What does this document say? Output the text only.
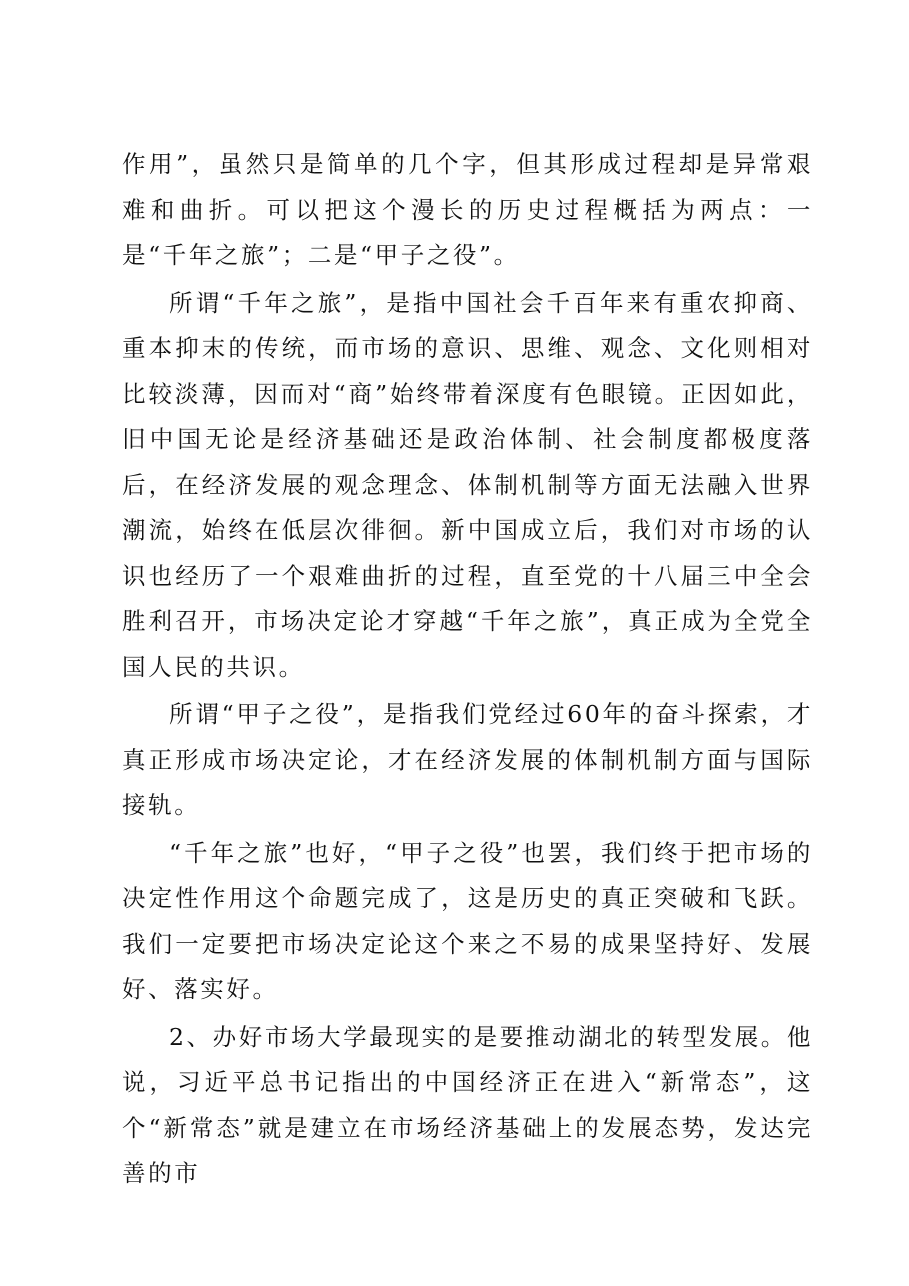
作用”，虽然只是简单的几个字，但其形成过程却是异常艰难和曲折。可以把这个漫长的历史过程概括为两点：一是“千年之旅”；二是“甲子之役”。

所谓“千年之旅”，是指中国社会千百年来有重农抑商、重本抑末的传统，而市场的意识、思维、观念、文化则相对比较淡薄，因而对“商”始终带着深度有色眼镜。正因如此，旧中国无论是经济基础还是政治体制、社会制度都极度落后，在经济发展的观念理念、体制机制等方面无法融入世界潮流，始终在低层次徘徊。新中国成立后，我们对市场的认识也经历了一个艰难曲折的过程，直至党的十八届三中全会胜利召开，市场决定论才穿越“千年之旅”，真正成为全党全国人民的共识。

所谓“甲子之役”，是指我们党经过60年的奋斗探索，才真正形成市场决定论，才在经济发展的体制机制方面与国际接轨。

“千年之旅”也好，“甲子之役”也罢，我们终于把市场的决定性作用这个命题完成了，这是历史的真正突破和飞跃。我们一定要把市场决定论这个来之不易的成果坚持好、发展好、落实好。

2、办好市场大学最现实的是要推动湖北的转型发展。他说，习近平总书记指出的中国经济正在进入“新常态”，这个“新常态”就是建立在市场经济基础上的发展态势，发达完善的市
